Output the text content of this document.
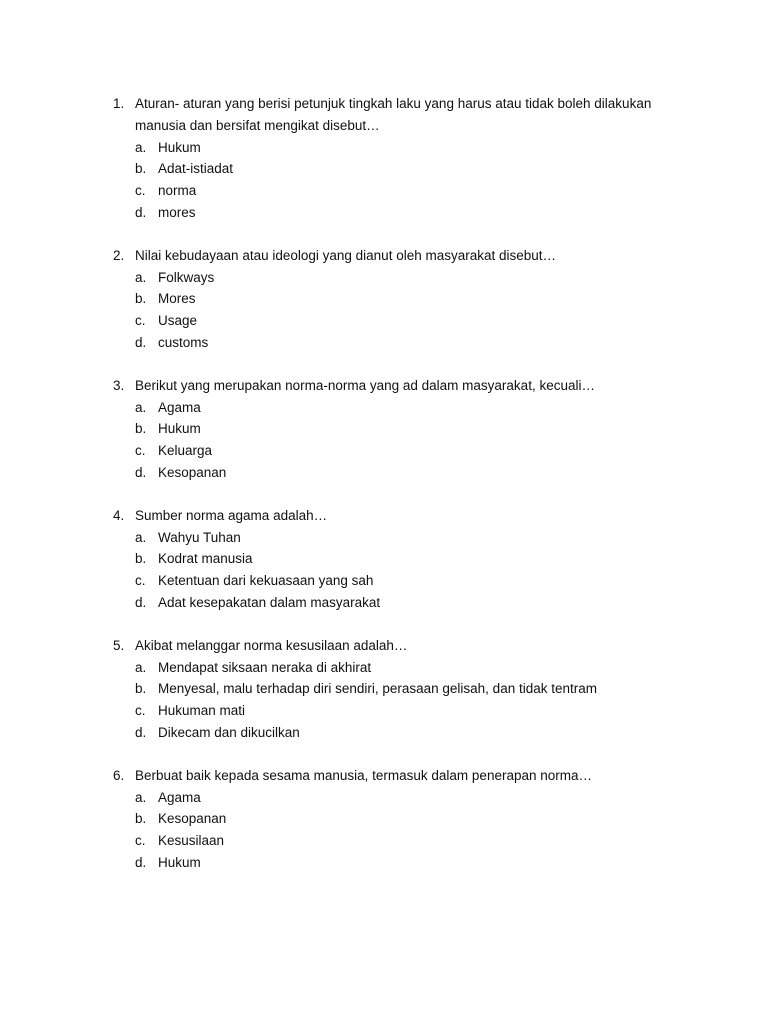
1. Aturan- aturan yang berisi petunjuk tingkah laku yang harus atau tidak boleh dilakukan manusia dan bersifat mengikat disebut…
a. Hukum
b. Adat-istiadat
c. norma
d. mores
2. Nilai kebudayaan atau ideologi yang dianut oleh masyarakat disebut…
a. Folkways
b. Mores
c. Usage
d. customs
3. Berikut yang merupakan norma-norma yang ad dalam masyarakat, kecuali…
a. Agama
b. Hukum
c. Keluarga
d. Kesopanan
4. Sumber norma agama adalah…
a. Wahyu Tuhan
b. Kodrat manusia
c. Ketentuan dari kekuasaan yang sah
d. Adat kesepakatan dalam masyarakat
5. Akibat melanggar norma kesusilaan adalah…
a. Mendapat siksaan neraka di akhirat
b. Menyesal, malu terhadap diri sendiri, perasaan gelisah, dan tidak tentram
c. Hukuman mati
d. Dikecam dan dikucilkan
6. Berbuat baik kepada sesama manusia, termasuk dalam penerapan norma…
a. Agama
b. Kesopanan
c. Kesusilaan
d. Hukum
